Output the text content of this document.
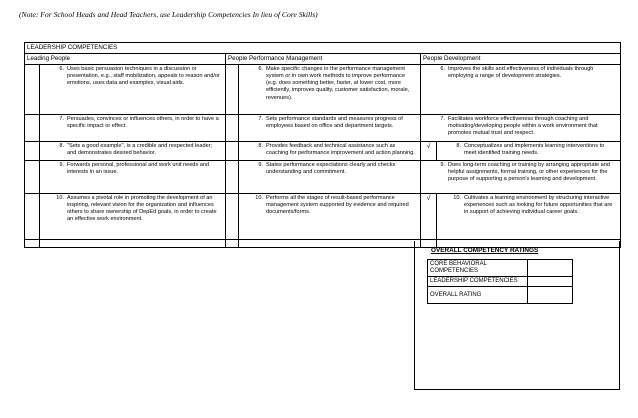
(Note: For School Heads and Head Teachers, use Leadership Competencies In lieu of Core Skills)
LEADERSHIP COMPETENCIES					
Leading People		People Performance Management		People Development	
	6. Uses basic persuasion techniques in a discussion or presentation, e.g., staff mobilization, appeals to reason and/or emotions, uses data and examples, visual aids.		6. Make specific changes in the performance management system or in own work methods to improve performance (e.g. does something better, faster, at lower cost, more efficiently, improves quality, customer satisfaction, morale, revenues).	6. Improves the skills and effectiveness of individuals through employing a range of development strategies.	
	7. Persuades, convinces or influences others, in order to have a specific impact or effect.		7. Sets performance standards and measures progress of employees based on office and department targets.	7. Facilitates workforce effectiveness through coaching and motivating/developing people within a work environment that promotes mutual trust and respect.	
	8. "Sets a good example", is a credible and respected leader; and demonstrates desired behavior.		8. Provides feedback and technical assistance such as coaching for performance improvement and action planning.	√	8. Conceptualizes and implements learning interventions to meet identified training needs.
	9. Forwards personal, professional and work unit needs and interests in an issue.		9. States performance expectations clearly and checks understanding and commitment.	9. Does long-term coaching or training by arranging appropriate and helpful assignments, formal training, or other experiences for the purpose of supporting a person's learning and development.	
	10. Assumes a pivotal role in promoting the development of an inspiring, relevant vision for the organization and influences others to share ownership of DepEd goals, in order to create an effective work environment.		10. Performs all the stages of result-based performance management system supported by evidence and required documents/forms.	√	10. Cultivates a learning environment by structuring interactive experiences such as looking for future opportunities that are in support of achieving individual career goals.

OVERALL COMPETENCY RATINGS
CORE BEHAVIORAL COMPETENCIES	
LEADERSHIP COMPETENCIES	
OVERALL RATING	
